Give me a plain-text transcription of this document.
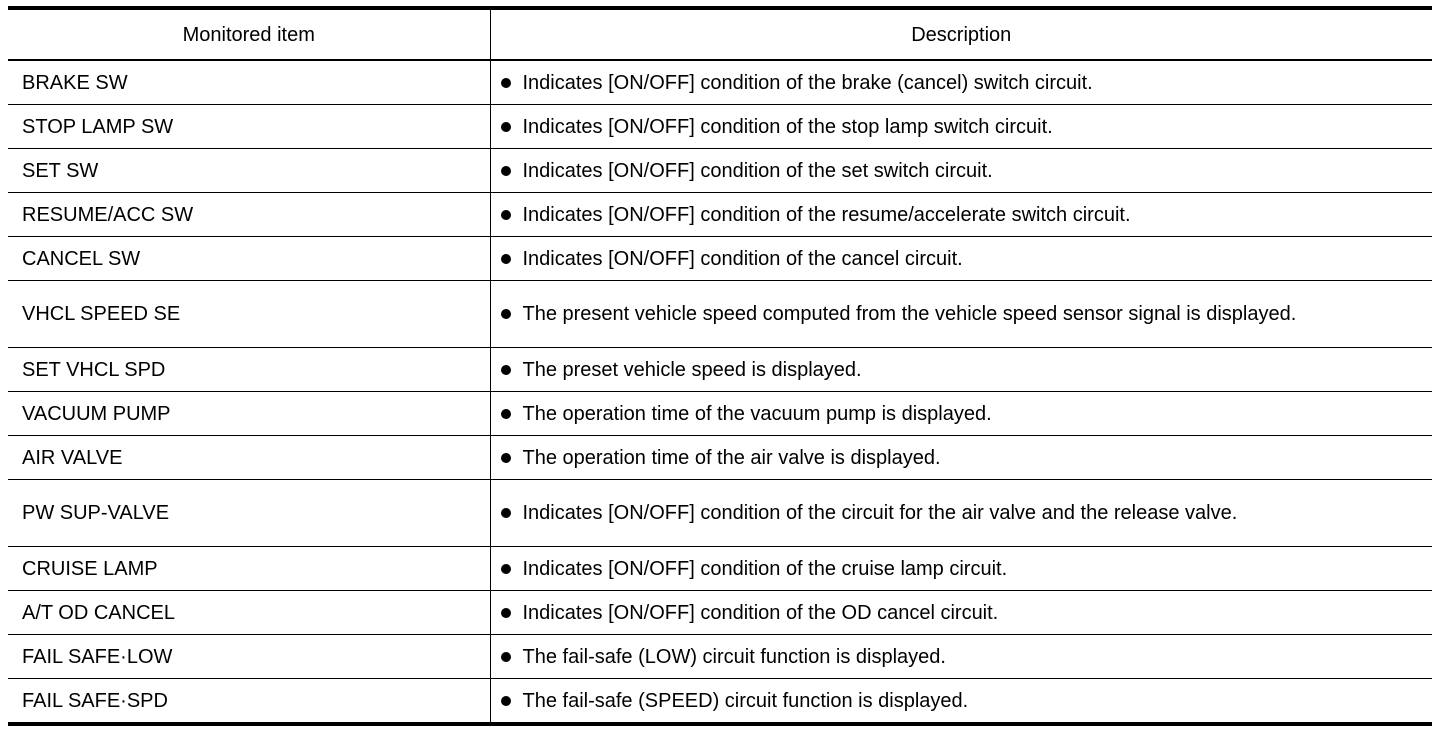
Monitored item	Description
BRAKE SW	Indicates [ON/OFF] condition of the brake (cancel) switch circuit.

STOP LAMP SW	Indicates [ON/OFF] condition of the stop lamp switch circuit.

SET SW	Indicates [ON/OFF] condition of the set switch circuit.

RESUME/ACC SW	Indicates [ON/OFF] condition of the resume/accelerate switch circuit.

CANCEL SW	Indicates [ON/OFF] condition of the cancel circuit.

VHCL SPEED SE	The present vehicle speed computed from the vehicle speed sensor signal is displayed.

SET VHCL SPD	The preset vehicle speed is displayed.

VACUUM PUMP	The operation time of the vacuum pump is displayed.

AIR VALVE	The operation time of the air valve is displayed.

PW SUP-VALVE	Indicates [ON/OFF] condition of the circuit for the air valve and the release valve.

CRUISE LAMP	Indicates [ON/OFF] condition of the cruise lamp circuit.

A/T OD CANCEL	Indicates [ON/OFF] condition of the OD cancel circuit.

FAIL SAFE·LOW	The fail-safe (LOW) circuit function is displayed.

FAIL SAFE·SPD	The fail-safe (SPEED) circuit function is displayed.
